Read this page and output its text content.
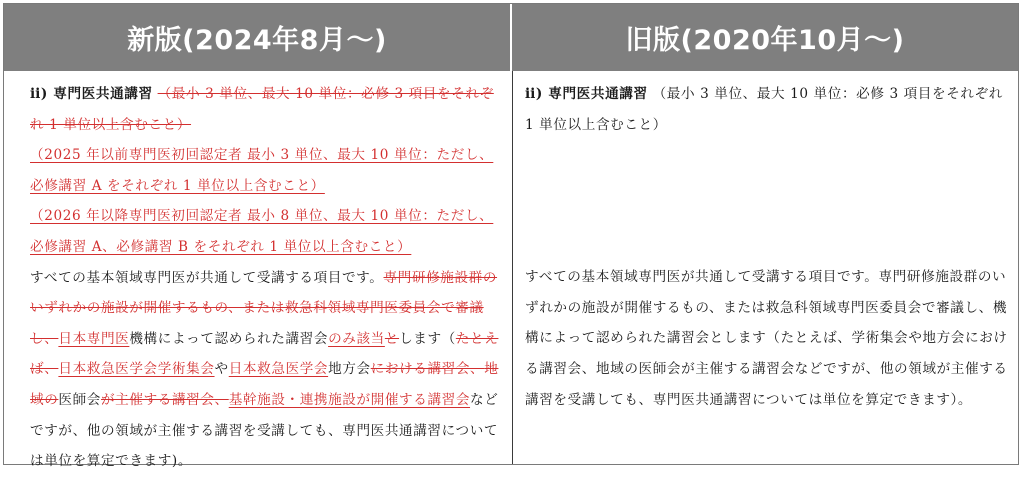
新版(2024年8月～)	旧版(2020年10月～)

ⅱ) 専門医共通講習 （最小 3 単位、最大 10 単位：必修 3 項目をそれぞれ 1 単位以上含むこと）

（2025 年以前専門医初回認定者 最小 3 単位、最大 10 単位：ただし、必修講習 A をそれぞれ 1 単位以上含むこと）

（2026 年以降専門医初回認定者 最小 8 単位、最大 10 単位：ただし、必修講習 A、必修講習 B をそれぞれ 1 単位以上含むこと）

すべての基本領域専門医が共通して受講する項目です。専門研修施設群のいずれかの施設が開催するもの、または救急科領域専門医委員会で審議し、日本専門医機構によって認められた講習会のみ該当とします（たとえば、日本救急医学会学術集会や日本救急医学会地方会における講習会、地域の医師会が主催する講習会、基幹施設・連携施設が開催する講習会などですが、他の領域が主催する講習を受講しても、専門医共通講習については単位を算定できます)。

ⅱ) 専門医共通講習 （最小 3 単位、最大 10 単位：必修 3 項目をそれぞれ 1 単位以上含むこと）

すべての基本領域専門医が共通して受講する項目です。専門研修施設群のいずれかの施設が開催するもの、または救急科領域専門医委員会で審議し、機構によって認められた講習会とします（たとえば、学術集会や地方会における講習会、地域の医師会が主催する講習会などですが、他の領域が主催する講習を受講しても、専門医共通講習については単位を算定できます）。
